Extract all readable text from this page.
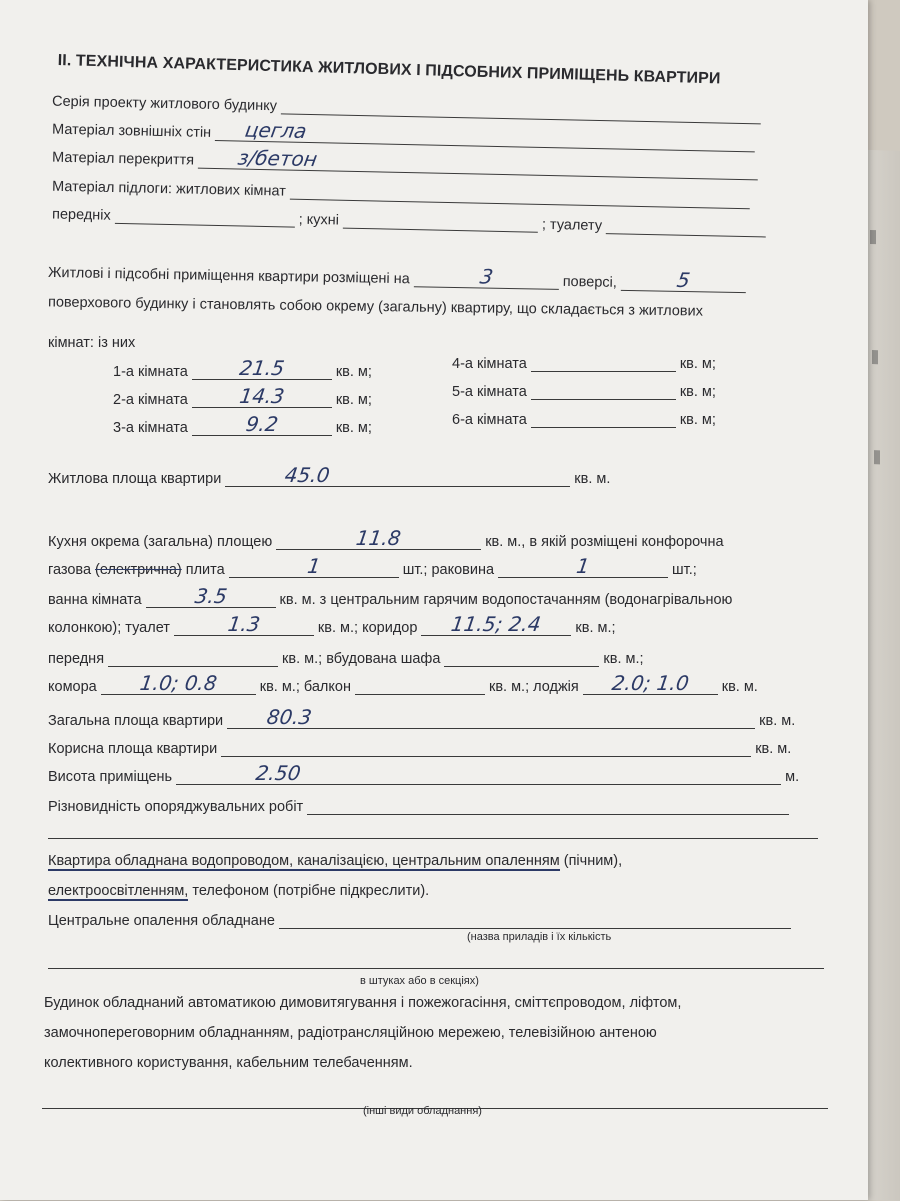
II. ТЕХНІЧНА ХАРАКТЕРИСТИКА ЖИТЛОВИХ І ПІДСОБНИХ ПРИМІЩЕНЬ КВАРТИРИ
Серія проекту житлового будинку
Матеріал зовнішніх стін цегла
Матеріал перекриття з/бетон
Матеріал підлоги: житлових кімнат
передніх	; кухні	; туалету
Житлові і підсобні приміщення квартири розміщені на	3	поверсі,	5
поверхового будинку і становлять собою окрему (загальну) квартиру, що складається з житлових
кімнат: із них
1-а кімната	21.5	кв. м;
2-а кімната	14.3	кв. м;
3-а кімната	9.2	кв. м;
4-а кімната	кв. м;
5-а кімната	кв. м;
6-а кімната	кв. м;
Житлова площа квартири	45.0	кв. м.
Кухня окрема (загальна) площею	11.8	кв. м., в якій розміщені конфорочна
газова (електрична) плита	1	шт.; раковина	1	шт.;
ванна кімната	3.5	кв. м. з центральним гарячим водопостачанням (водонагрівальною
колонкою); туалет	1.3	кв. м.; коридор	11.5; 2.4	кв. м.;
передня	кв. м.; вбудована шафа	кв. м.;
комора	1.0; 0.8	кв. м.; балкон	кв. м.; лоджія	2.0; 1.0	кв. м.
Загальна площа квартири 80.3	кв. м.
Корисна площа квартири	кв. м.
Висота приміщень	2.50	м.
Різновидність опоряджувальних робіт
Квартира обладнана водопроводом, каналізацією, центральним опаленням (пічним),
електроосвітленням, телефоном (потрібне підкреслити).
Центральне опалення обладнане
(назва приладів і їх кількість
в штуках або в секціях)
Будинок обладнаний автоматикою димовитягування і пожежогасіння, сміттєпроводом, ліфтом,
замочнопереговорним обладнанням, радіотрансляційною мережею, телевізійною антеною
колективного користування, кабельним телебаченням.
(інші види обладнання)
